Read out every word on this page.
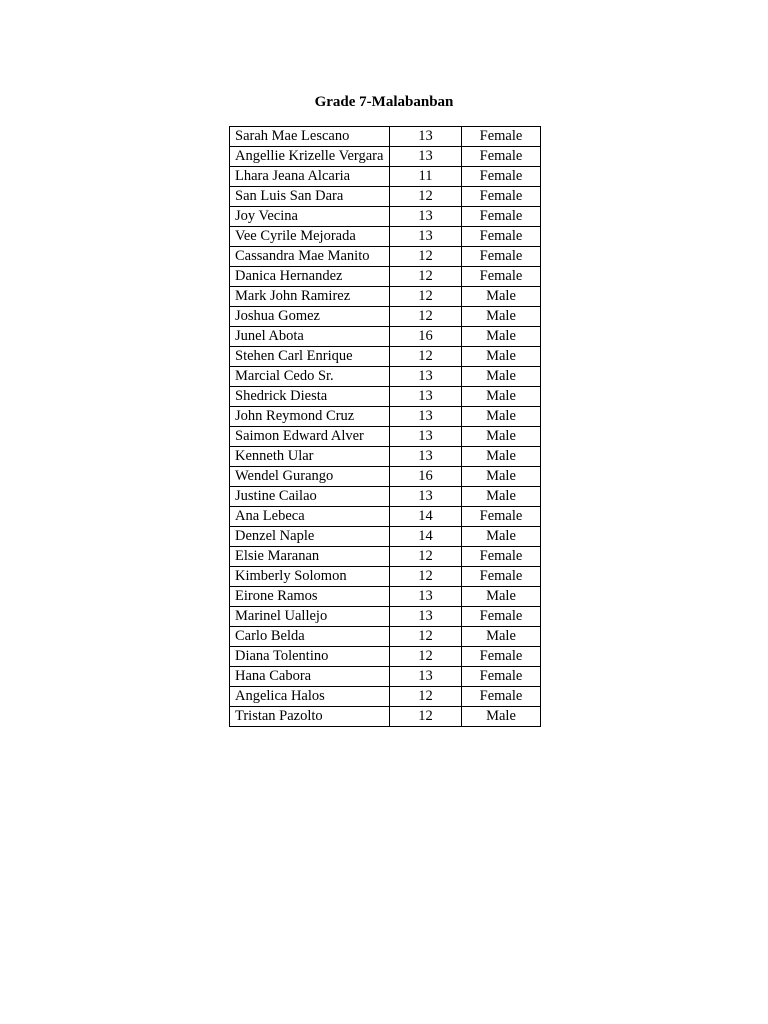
Grade 7-Malabanban
Sarah Mae Lescano	13	Female
Angellie Krizelle Vergara	13	Female
Lhara Jeana Alcaria	11	Female
San Luis San Dara	12	Female
Joy Vecina	13	Female
Vee Cyrile Mejorada	13	Female
Cassandra Mae Manito	12	Female
Danica Hernandez	12	Female
Mark John Ramirez	12	Male
Joshua Gomez	12	Male
Junel Abota	16	Male
Stehen Carl Enrique	12	Male
Marcial Cedo Sr.	13	Male
Shedrick Diesta	13	Male
John Reymond Cruz	13	Male
Saimon Edward Alver	13	Male
Kenneth Ular	13	Male
Wendel Gurango	16	Male
Justine Cailao	13	Male
Ana Lebeca	14	Female
Denzel Naple	14	Male
Elsie Maranan	12	Female
Kimberly Solomon	12	Female
Eirone Ramos	13	Male
Marinel Uallejo	13	Female
Carlo Belda	12	Male
Diana Tolentino	12	Female
Hana Cabora	13	Female
Angelica Halos	12	Female
Tristan Pazolto	12	Male
